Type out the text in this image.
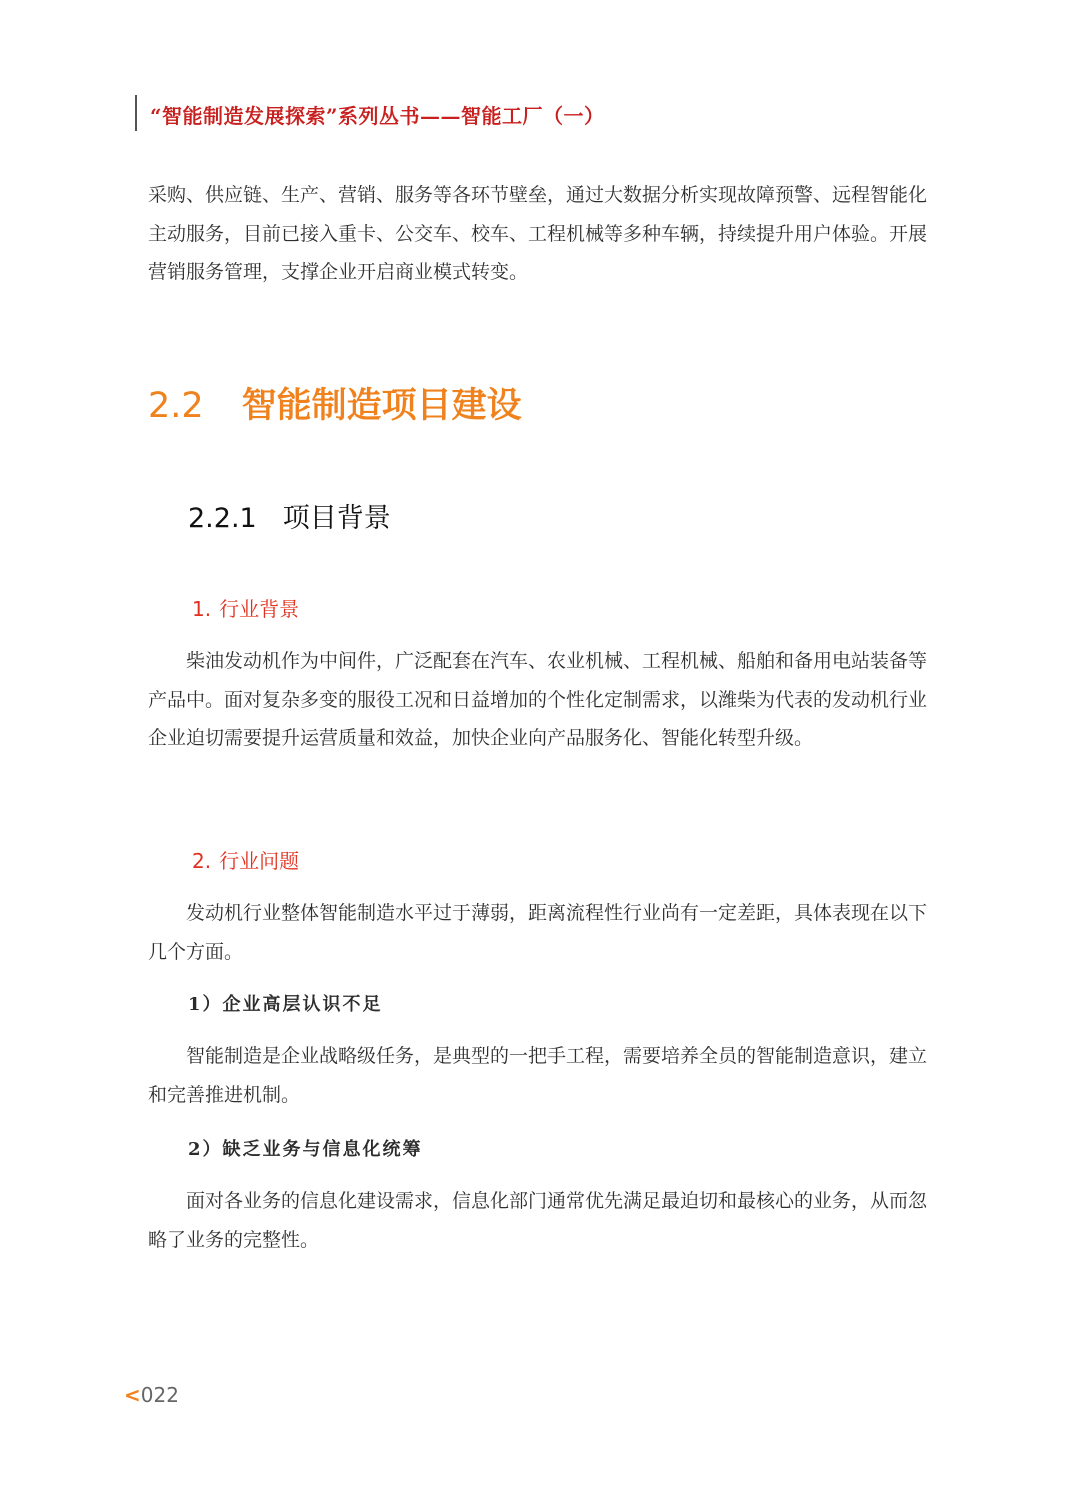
“智能制造发展探索”系列丛书——智能工厂（一）

采购、供应链、生产、营销、服务等各环节壁垒，通过大数据分析实现故障预警、远程智能化主动服务，目前已接入重卡、公交车、校车、工程机械等多种车辆，持续提升用户体验。开展营销服务管理，支撑企业开启商业模式转变。

2.2 智能制造项目建设
2.2.1 项目背景
1. 行业背景

柴油发动机作为中间件，广泛配套在汽车、农业机械、工程机械、船舶和备用电站装备等产品中。面对复杂多变的服役工况和日益增加的个性化定制需求，以潍柴为代表的发动机行业企业迫切需要提升运营质量和效益，加快企业向产品服务化、智能化转型升级。

2. 行业问题

发动机行业整体智能制造水平过于薄弱，距离流程性行业尚有一定差距，具体表现在以下几个方面。

1）企业高层认识不足

智能制造是企业战略级任务，是典型的一把手工程，需要培养全员的智能制造意识，建立和完善推进机制。

2）缺乏业务与信息化统筹

面对各业务的信息化建设需求，信息化部门通常优先满足最迫切和最核心的业务，从而忽略了业务的完整性。

<022
